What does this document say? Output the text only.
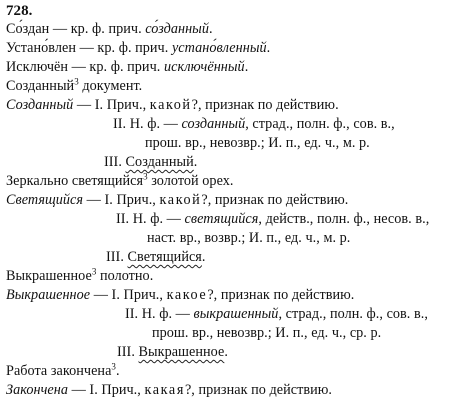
728.
Со́здан — кр. ф. прич. со́зданный.
Устано́влен — кр. ф. прич. устано́вленный.
Исключён — кр. ф. прич. исключённый.
Созданный$^3$ документ.
Созданный — I. Прич., какой?, признак по действию.
II. Н. ф. — созданный, страд., полн. ф., сов. в.,
прош. вр., невозвр.; И. п., ед. ч., м. р.
III. Созданный.
Зеркально светящийся$^3$ золотой орех.
Светящийся — I. Прич., какой?, признак по действию.
II. Н. ф. — светящийся, действ., полн. ф., несов. в.,
наст. вр., возвр.; И. п., ед. ч., м. р.
III. Светящийся.
Выкрашенное$^3$ полотно.
Выкрашенное — I. Прич., какое?, признак по действию.
II. Н. ф. — выкрашенный, страд., полн. ф., сов. в.,
прош. вр., невозвр.; И. п., ед. ч., ср. р.
III. Выкрашенное.
Работа закончена$^3$.
Закончена — I. Прич., какая?, признак по действию.
